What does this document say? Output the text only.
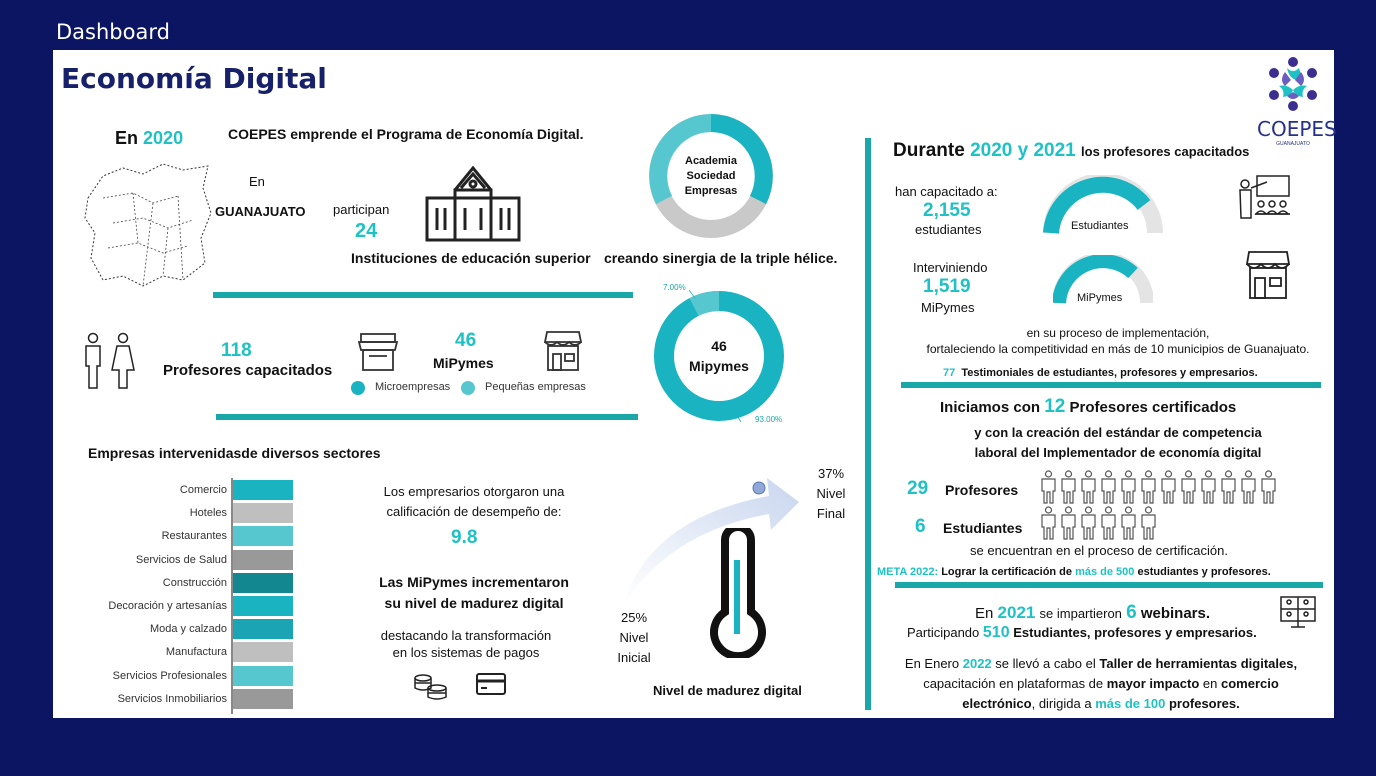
Dashboard
Economía Digital
COEPES
GUANAJUATO
En 2020	COEPES emprende el Programa de Economía Digital.
En
GUANAJUATO participan
24
Instituciones de educación superior creando sinergia de la triple hélice.
Academia
Sociedad
Empresas
118
Profesores capacitados
46
MiPymes
Microempresas	Pequeñas empresas
7.00%
93.00%
46
Mipymes
Empresas intervenidasde diversos sectores
Comercio
Hoteles
Restaurantes
Servicios de Salud
Construcción
Decoración y artesanías
Moda y calzado
Manufactura
Servicios Profesionales
Servicios Inmobiliarios
Los empresarios otorgaron una
calificación de desempeño de:
9.8
Las MiPymes incrementaron
su nivel de madurez digital
destacando la transformación
en los sistemas de pagos
37%
Nivel
Final
25%
Nivel
Inicial
Nivel de madurez digital
Durante 2020 y 2021 los profesores capacitados
han capacitado a:
2,155
estudiantes	Estudiantes
Interviniendo
1,519
MiPymes
MiPymes
en su proceso de implementación,
fortaleciendo la competitividad en más de 10 municipios de Guanajuato.
77 Testimoniales de estudiantes, profesores y empresarios.
Iniciamos con 12 Profesores certificados
y con la creación del estándar de competencia
laboral del Implementador de economía digital
29 Profesores
6 Estudiantes
se encuentran en el proceso de certificación.
META 2022: Lograr la certificación de más de 500 estudiantes y profesores.
En 2021 se impartieron 6 webinars.
Participando 510 Estudiantes, profesores y empresarios.
En Enero 2022 se llevó a cabo el Taller de herramientas digitales,
capacitación en plataformas de mayor impacto en comercio
electrónico, dirigida a más de 100 profesores.
